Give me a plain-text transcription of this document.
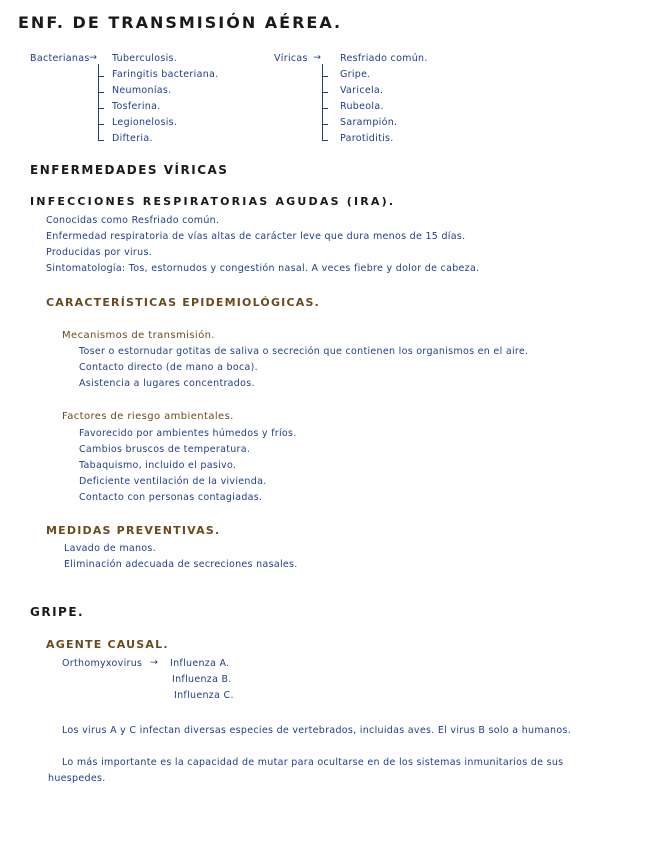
ENF. DE TRANSMISIÓN AÉREA.
Bacterianas → Tuberculosis.
Faringitis bacteriana.
Neumonías.
Tosferina.
Legionelosis.
Difteria.
Víricas → Resfriado común.
Gripe.
Varicela.
Rubeola.
Sarampión.
Parotiditis.
ENFERMEDADES VÍRICAS
INFECCIONES RESPIRATORIAS AGUDAS (IRA).
Conocidas como Resfriado común.
Enfermedad respiratoria de vías altas de carácter leve que dura menos de 15 días.
Producidas por virus.
Sintomatología: Tos, estornudos y congestión nasal. A veces fiebre y dolor de cabeza.
CARACTERÍSTICAS EPIDEMIOLÓGICAS.
Mecanismos de transmisión.
Toser o estornudar gotitas de saliva o secreción que contienen los organismos en el aire.
Contacto directo (de mano a boca).
Asistencia a lugares concentrados.
Factores de riesgo ambientales.
Favorecido por ambientes húmedos y fríos.
Cambios bruscos de temperatura.
Tabaquismo, incluido el pasivo.
Deficiente ventilación de la vivienda.
Contacto con personas contagiadas.
MEDIDAS PREVENTIVAS.
Lavado de manos.
Eliminación adecuada de secreciones nasales.
GRIPE.
AGENTE CAUSAL.
Orthomyxovirus → Influenza A.
Influenza B.
Influenza C.
Los virus A y C infectan diversas especies de vertebrados, incluidas aves. El virus B solo a humanos.
Lo más importante es la capacidad de mutar para ocultarse en de los sistemas inmunitarios de sus huespedes.
